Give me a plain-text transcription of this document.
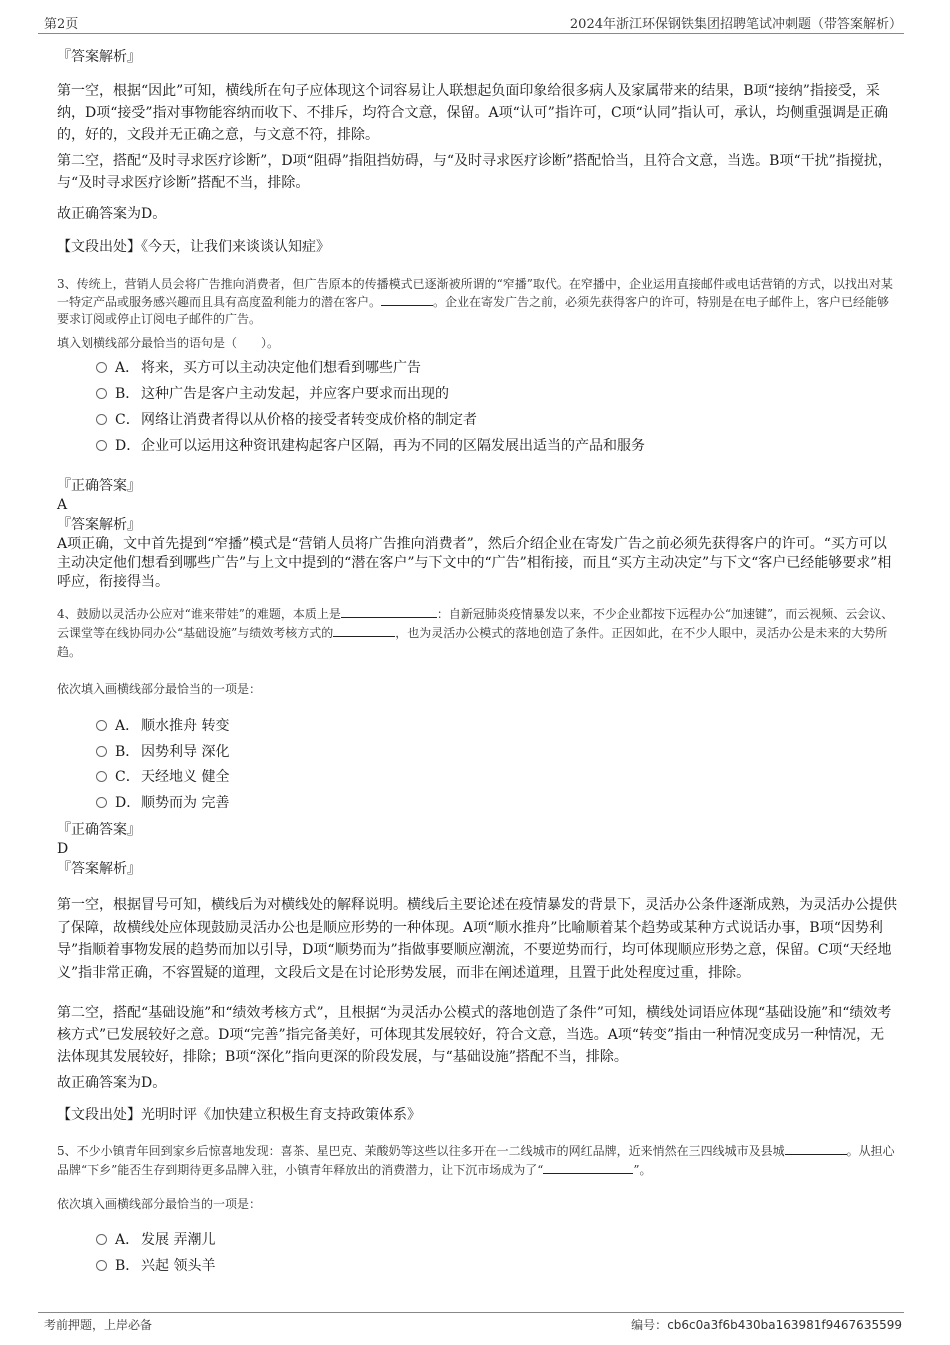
第2页	2024年浙江环保钢铁集团招聘笔试冲刺题（带答案解析）
『答案解析』
第一空，根据“因此”可知，横线所在句子应体现这个词容易让人联想起负面印象给很多病人及家属带来的结果，B项“接纳”指接受，采纳，D项“接受”指对事物能容纳而收下、不排斥，均符合文意，保留。A项“认可”指许可，C项“认同”指认可，承认，均侧重强调是正确的，好的，文段并无正确之意，与文意不符，排除。
第二空，搭配“及时寻求医疗诊断”，D项“阻碍”指阻挡妨碍，与“及时寻求医疗诊断”搭配恰当，且符合文意，当选。B项“干扰”指搅扰，与“及时寻求医疗诊断”搭配不当，排除。
故正确答案为D。
【文段出处】《今天，让我们来谈谈认知症》
3、传统上，营销人员会将广告推向消费者，但广告原本的传播模式已逐渐被所谓的“窄播”取代。在窄播中，企业运用直接邮件或电话营销的方式，以找出对某一特定产品或服务感兴趣而且具有高度盈利能力的潜在客户。	。企业在寄发广告之前，必须先获得客户的许可，特别是在电子邮件上，客户已经能够要求订阅或停止订阅电子邮件的广告。
填入划横线部分最恰当的语句是（　　）。
A． 将来，买方可以主动决定他们想看到哪些广告
B． 这种广告是客户主动发起，并应客户要求而出现的
C．网络让消费者得以从价格的接受者转变成价格的制定者
D．企业可以运用这种资讯建构起客户区隔，再为不同的区隔发展出适当的产品和服务
『正确答案』
A
『答案解析』
A项正确，文中首先提到“窄播”模式是“营销人员将广告推向消费者”，然后介绍企业在寄发广告之前必须先获得客户的许可。“买方可以主动决定他们想看到哪些广告”与上文中提到的“潜在客户”与下文中的“广告”相衔接，而且“买方主动决定”与下文“客户已经能够要求”相呼应，衔接得当。
4、鼓励以灵活办公应对“谁来带娃”的难题，本质上是	：自新冠肺炎疫情暴发以来，不少企业都按下远程办公“加速键”，而云视频、云会议、云课堂等在线协同办公“基础设施”与绩效考核方式的	，也为灵活办公模式的落地创造了条件。正因如此，在不少人眼中，灵活办公是未来的大势所趋。
依次填入画横线部分最恰当的一项是：
A． 顺水推舟 转变
B． 因势利导 深化
C．天经地义 健全
D．顺势而为 完善
『正确答案』
D
『答案解析』
第一空，根据冒号可知，横线后为对横线处的解释说明。横线后主要论述在疫情暴发的背景下，灵活办公条件逐渐成熟，为灵活办公提供了保障，故横线处应体现鼓励灵活办公也是顺应形势的一种体现。A项“顺水推舟”比喻顺着某个趋势或某种方式说话办事，B项“因势利导”指顺着事物发展的趋势而加以引导，D项“顺势而为”指做事要顺应潮流，不要逆势而行，均可体现顺应形势之意，保留。C项“天经地义”指非常正确，不容置疑的道理，文段后文是在讨论形势发展，而非在阐述道理，且置于此处程度过重，排除。
第二空，搭配“基础设施”和“绩效考核方式”，且根据“为灵活办公模式的落地创造了条件”可知，横线处词语应体现“基础设施”和“绩效考核方式”已发展较好之意。D项“完善”指完备美好，可体现其发展较好，符合文意，当选。A项“转变”指由一种情况变成另一种情况，无法体现其发展较好，排除；B项“深化”指向更深的阶段发展，与“基础设施”搭配不当，排除。
故正确答案为D。
【文段出处】光明时评《加快建立积极生育支持政策体系》
5、不少小镇青年回到家乡后惊喜地发现：喜茶、星巴克、茉酸奶等这些以往多开在一二线城市的网红品牌，近来悄然在三四线城市及县城	。从担心品牌“下乡”能否生存到期待更多品牌入驻，小镇青年释放出的消费潜力，让下沉市场成为了“	”。
依次填入画横线部分最恰当的一项是：
A． 发展 弄潮儿
B． 兴起 领头羊
考前押题，上岸必备	编号：cb6c0a3f6b430ba163981f9467635599
